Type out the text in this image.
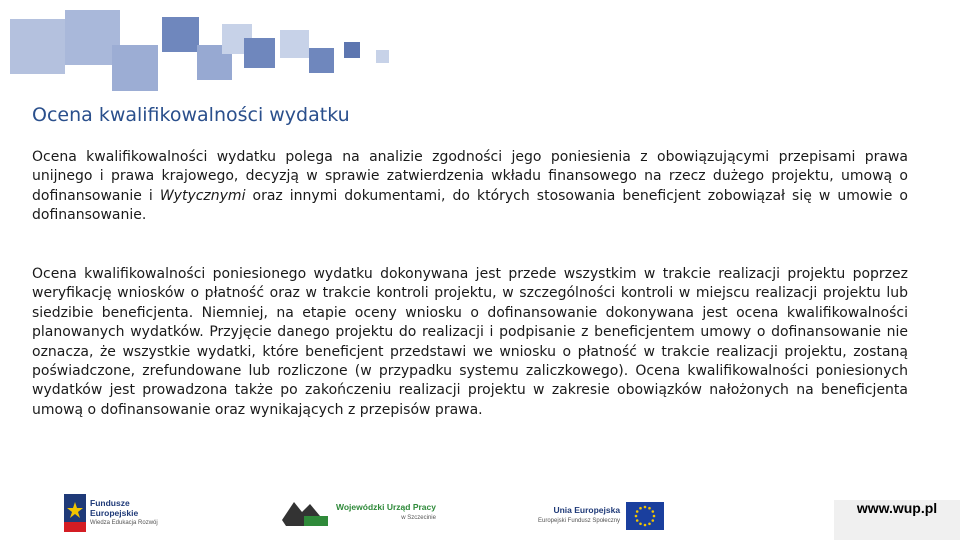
Ocena kwalifikowalności wydatku

Ocena kwalifikowalności wydatku polega na analizie zgodności jego poniesienia z obowiązującymi przepisami prawa unijnego i prawa krajowego, decyzją w sprawie zatwierdzenia wkładu finansowego na rzecz dużego projektu, umową o dofinansowanie i Wytycznymi oraz innymi dokumentami, do których stosowania beneficjent zobowiązał się w umowie o dofinansowanie.

Ocena kwalifikowalności poniesionego wydatku dokonywana jest przede wszystkim w trakcie realizacji projektu poprzez weryfikację wniosków o płatność oraz w trakcie kontroli projektu, w szczególności kontroli w miejscu realizacji projektu lub siedzibie beneficjenta. Niemniej, na etapie oceny wniosku o dofinansowanie dokonywana jest ocena kwalifikowalności planowanych wydatków. Przyjęcie danego projektu do realizacji i podpisanie z beneficjentem umowy o dofinansowanie nie oznacza, że wszystkie wydatki, które beneficjent przedstawi we wniosku o płatność w trakcie realizacji projektu, zostaną poświadczone, zrefundowane lub rozliczone (w przypadku systemu zaliczkowego). Ocena kwalifikowalności poniesionych wydatków jest prowadzona także po zakończeniu realizacji projektu w zakresie obowiązków nałożonych na beneficjenta umową o dofinansowanie oraz wynikających z przepisów prawa.

Fundusze
Europejskie
Wiedza Edukacja Rozwój
Wojewódzki Urząd Pracy
w Szczecinie
Unia Europejska
Europejski Fundusz Społeczny
www.wup.pl
